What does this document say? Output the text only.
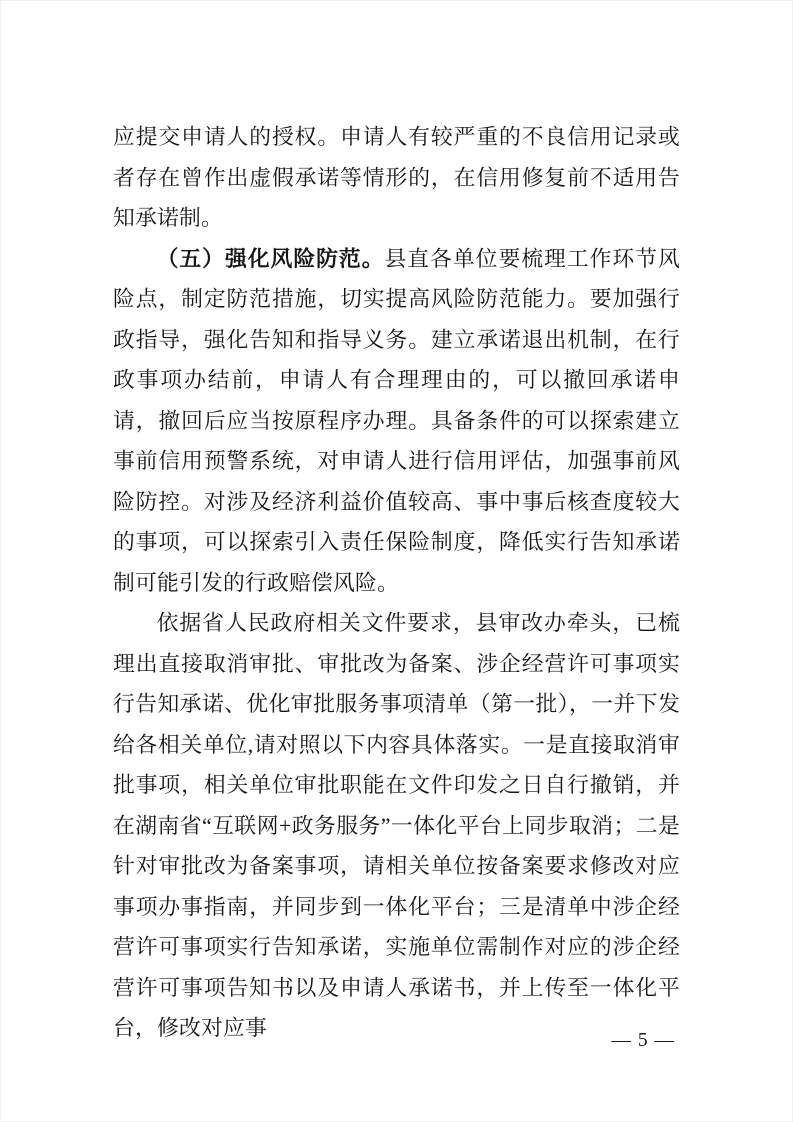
应提交申请人的授权。申请人有较严重的不良信用记录或者存在曾作出虚假承诺等情形的，在信用修复前不适用告知承诺制。

（五）强化风险防范。县直各单位要梳理工作环节风险点，制定防范措施，切实提高风险防范能力。要加强行政指导，强化告知和指导义务。建立承诺退出机制，在行政事项办结前，申请人有合理理由的，可以撤回承诺申请，撤回后应当按原程序办理。具备条件的可以探索建立事前信用预警系统，对申请人进行信用评估，加强事前风险防控。对涉及经济利益价值较高、事中事后核查度较大的事项，可以探索引入责任保险制度，降低实行告知承诺制可能引发的行政赔偿风险。

依据省人民政府相关文件要求，县审改办牵头，已梳理出直接取消审批、审批改为备案、涉企经营许可事项实行告知承诺、优化审批服务事项清单（第一批），一并下发给各相关单位,请对照以下内容具体落实。一是直接取消审批事项，相关单位审批职能在文件印发之日自行撤销，并在湖南省“互联网+政务服务”一体化平台上同步取消；二是针对审批改为备案事项，请相关单位按备案要求修改对应事项办事指南，并同步到一体化平台；三是清单中涉企经营许可事项实行告知承诺，实施单位需制作对应的涉企经营许可事项告知书以及申请人承诺书，并上传至一体化平台，修改对应事

— 5 —
